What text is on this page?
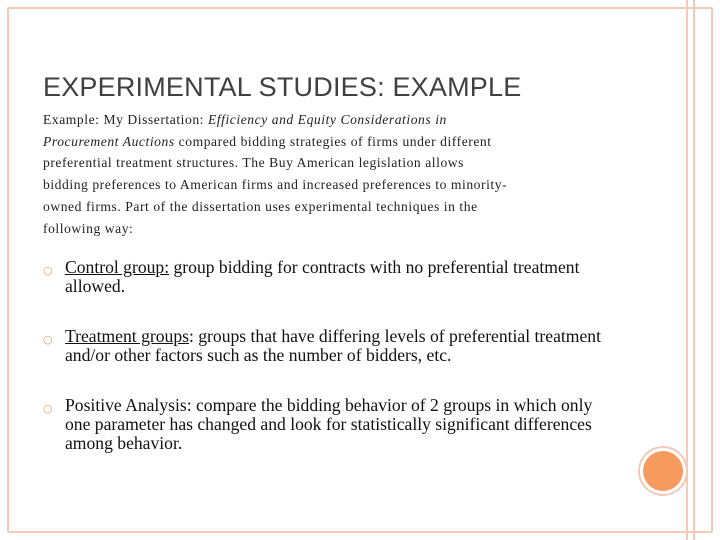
EXPERIMENTAL STUDIES: EXAMPLE

Example: My Dissertation: Efficiency and Equity Considerations in Procurement Auctions compared bidding strategies of firms under different preferential treatment structures. The Buy American legislation allows bidding preferences to American firms and increased preferences to minority-owned firms. Part of the dissertation uses experimental techniques in the following way:

○ Control group: group bidding for contracts with no preferential treatment allowed.
○ Treatment groups: groups that have differing levels of preferential treatment and/or other factors such as the number of bidders, etc.
○ Positive Analysis: compare the bidding behavior of 2 groups in which only one parameter has changed and look for statistically significant differences among behavior.
